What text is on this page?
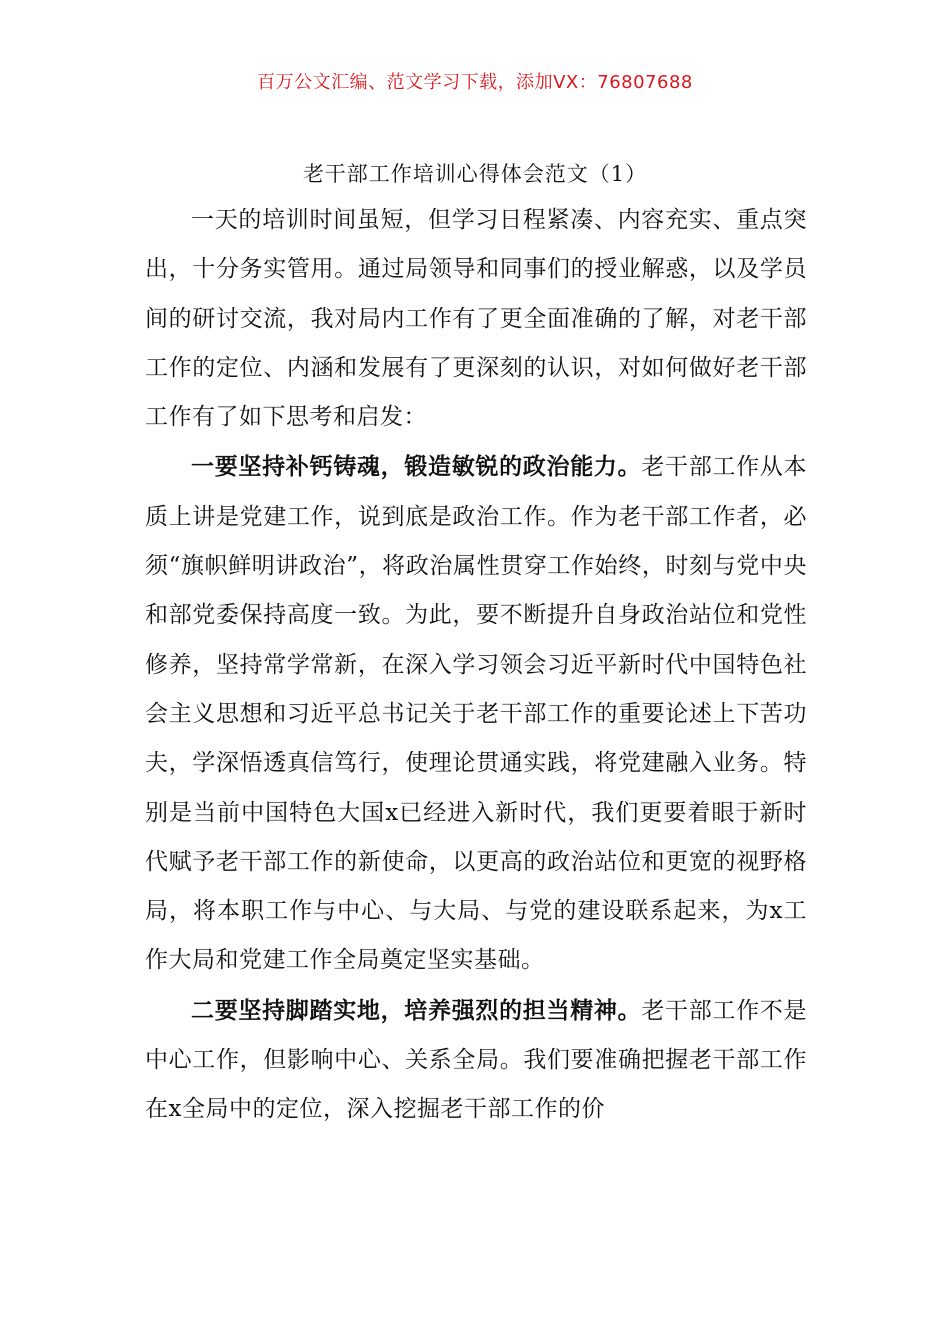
百万公文汇编、范文学习下载，添加VX：76807688
老干部工作培训心得体会范文（1）

一天的培训时间虽短，但学习日程紧凑、内容充实、重点突出，十分务实管用。通过局领导和同事们的授业解惑，以及学员间的研讨交流，我对局内工作有了更全面准确的了解，对老干部工作的定位、内涵和发展有了更深刻的认识，对如何做好老干部工作有了如下思考和启发：

一要坚持补钙铸魂，锻造敏锐的政治能力。老干部工作从本质上讲是党建工作，说到底是政治工作。作为老干部工作者，必须“旗帜鲜明讲政治”，将政治属性贯穿工作始终，时刻与党中央和部党委保持高度一致。为此，要不断提升自身政治站位和党性修养，坚持常学常新，在深入学习领会习近平新时代中国特色社会主义思想和习近平总书记关于老干部工作的重要论述上下苦功夫，学深悟透真信笃行，使理论贯通实践，将党建融入业务。特别是当前中国特色大国x已经进入新时代，我们更要着眼于新时代赋予老干部工作的新使命，以更高的政治站位和更宽的视野格局，将本职工作与中心、与大局、与党的建设联系起来，为x工作大局和党建工作全局奠定坚实基础。

二要坚持脚踏实地，培养强烈的担当精神。老干部工作不是中心工作，但影响中心、关系全局。我们要准确把握老干部工作在x全局中的定位，深入挖掘老干部工作的价
